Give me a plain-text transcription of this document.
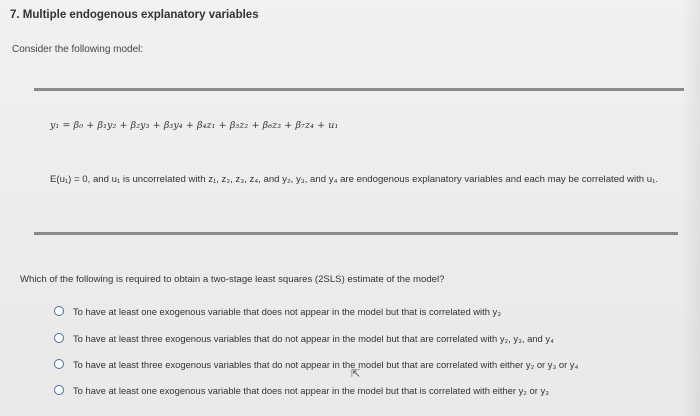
7. Multiple endogenous explanatory variables
Consider the following model:
y₁ = β₀ + β₁y₂ + β₂y₃ + β₃y₄ + β₄z₁ + β₅z₂ + β₆z₃ + β₇z₄ + u₁
E(u₁) = 0, and u₁ is uncorrelated with z₁, z₂, z₃, z₄, and y₂, y₃, and y₄ are endogenous explanatory variables and each may be correlated with u₁.
Which of the following is required to obtain a two-stage least squares (2SLS) estimate of the model?
To have at least one exogenous variable that does not appear in the model but that is correlated with y₃
To have at least three exogenous variables that do not appear in the model but that are correlated with y₂, y₃, and y₄
To have at least three exogenous variables that do not appear in the model but that are correlated with either y₂ or y₃ or y₄
To have at least one exogenous variable that does not appear in the model but that is correlated with either y₂ or y₃
⇱
